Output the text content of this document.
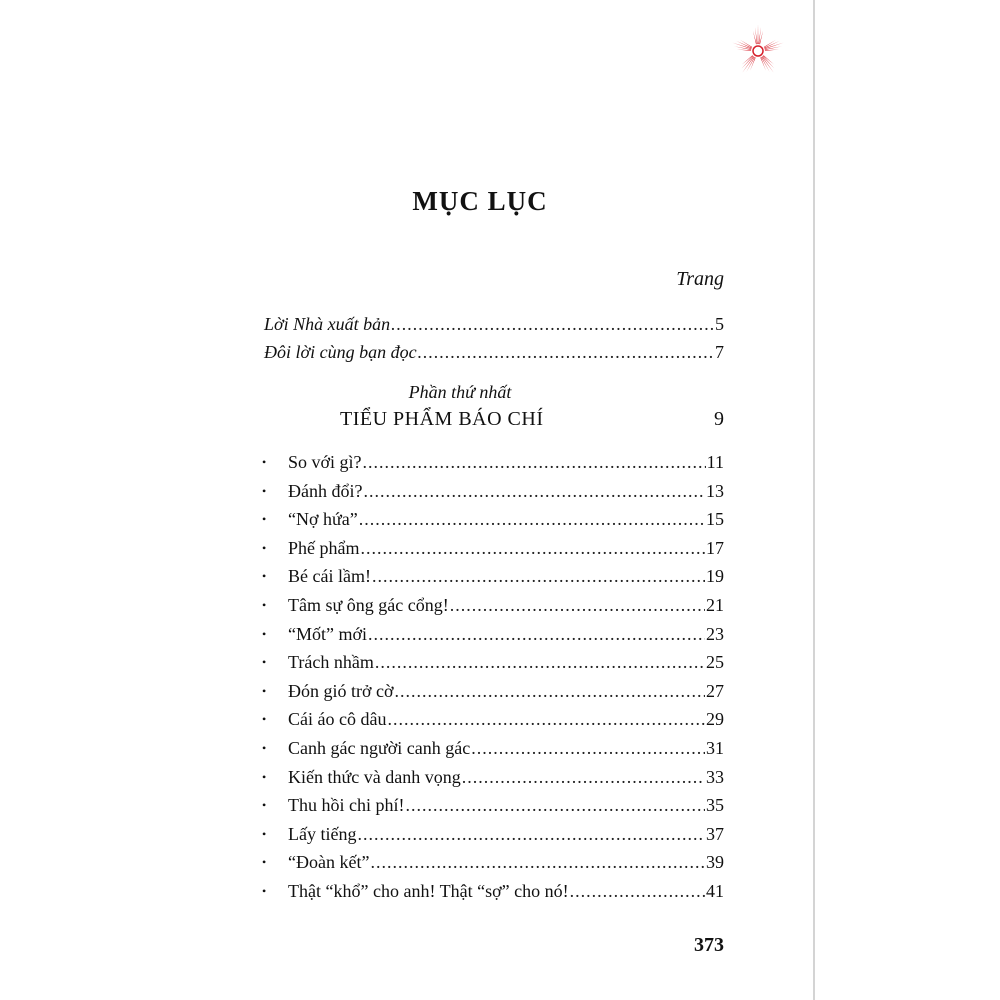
MỤC LỤC
Trang
Lời Nhà xuất bản .....	5
Đôi lời cùng bạn đọc .....	7
Phần thứ nhất
TIỂU PHẨM BÁO CHÍ	9
•	So với gì? .....	11
•	Đánh đổi? .....	13
•	“Nợ hứa” .....	15
•	Phế phẩm .....	17
•	Bé cái lầm! .....	19
•	Tâm sự ông gác cổng! .....	21
•	“Mốt” mới .....	23
•	Trách nhầm .....	25
•	Đón gió trở cờ .....	27
•	Cái áo cô dâu .....	29
•	Canh gác người canh gác .....	31
•	Kiến thức và danh vọng .....	33
•	Thu hồi chi phí! .....	35
•	Lấy tiếng .....	37
•	“Đoàn kết” .....	39
•	Thật “khổ” cho anh! Thật “sợ” cho nó! .....	41
373
